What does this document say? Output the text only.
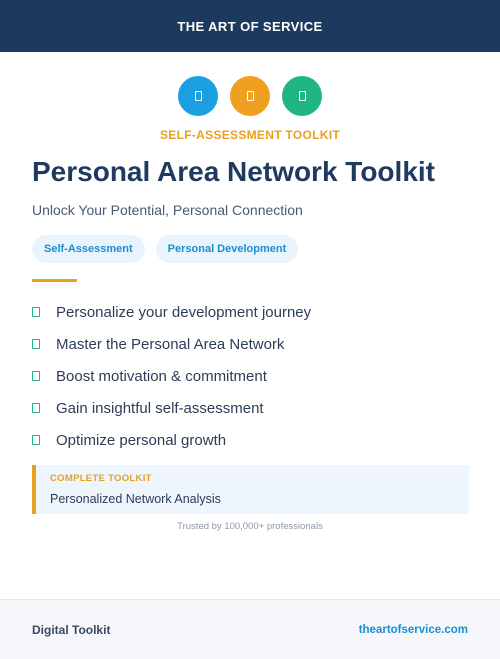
THE ART OF SERVICE
SELF-ASSESSMENT TOOLKIT
Personal Area Network Toolkit
Unlock Your Potential, Personal Connection
Self-Assessment	Personal Development
Personalize your development journey
Master the Personal Area Network
Boost motivation & commitment
Gain insightful self-assessment
Optimize personal growth
COMPLETE TOOLKIT
Personalized Network Analysis
Trusted by 100,000+ professionals
Digital Toolkit	theartofservice.com
